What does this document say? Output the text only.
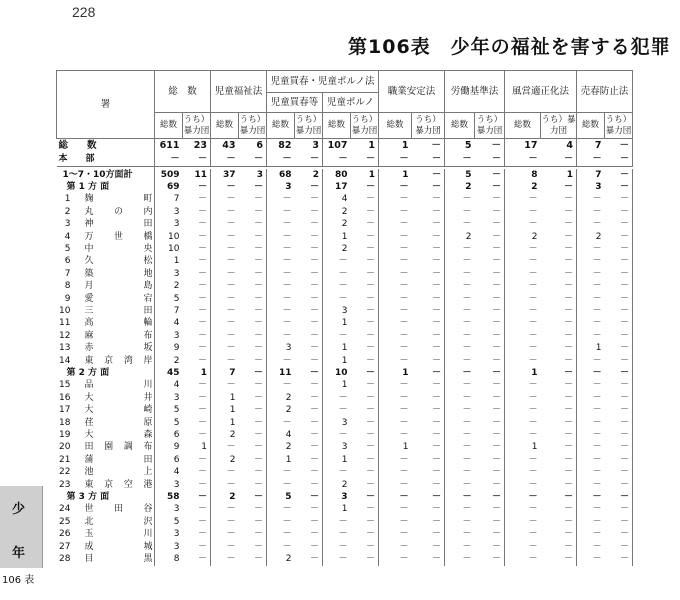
228
第106表　少年の福祉を害する犯罪
少
年
106 表
署	総　数		児童福祉法		児童買春・児童ポルノ法				職業安定法		労働基準法		風営適正化法		売春防止法	
					児童買春等		児童ポルノ									
	総数	うち）暴力団	総数	うち）暴力団	総数	うち）暴力団	総数	うち）暴力団	総数	うち）暴力団	総数	うち）暴力団	総数	うち）暴力団	総数	うち）暴力団

総　　数	611	23	43	6	82	3	107	1	1	－	5	－	17	4	7	－

本　　部	－	－	－	－	－	－	－	－	－	－	－	－	－	－	－	－

1～7・10方面計	509	11	37	3	68	2	80	1	1	－	5	－	8	1	7	－

第 1 方 面	69	－	－	－	3	－	17	－	－	－	2	－	2	－	3	－

1 麹 町	7	－	－	－	－	－	4	－	－	－	－	－	－	－	－	－

2 丸 の 内	3	－	－	－	－	－	2	－	－	－	－	－	－	－	－	－

3 神 田	3	－	－	－	－	－	2	－	－	－	－	－	－	－	－	－

4 万 世 橋	10	－	－	－	－	－	1	－	－	－	2	－	2	－	2	－

5 中 央	10	－	－	－	－	－	2	－	－	－	－	－	－	－	－	－

6 久 松	1	－	－	－	－	－	－	－	－	－	－	－	－	－	－	－

7 築 地	3	－	－	－	－	－	－	－	－	－	－	－	－	－	－	－

8 月 島	2	－	－	－	－	－	－	－	－	－	－	－	－	－	－	－

9 愛 宕	5	－	－	－	－	－	－	－	－	－	－	－	－	－	－	－

10 三 田	7	－	－	－	－	－	3	－	－	－	－	－	－	－	－	－

11 高 輪	4	－	－	－	－	－	1	－	－	－	－	－	－	－	－	－

12 麻 布	3	－	－	－	－	－	－	－	－	－	－	－	－	－	－	－

13 赤 坂	9	－	－	－	3	－	1	－	－	－	－	－	－	－	1	－

14 東 京 湾 岸	2	－	－	－	－	－	1	－	－	－	－	－	－	－	－	－

第 2 方 面	45	1	7	－	11	－	10	－	1	－	－	－	1	－	－	－

15 品 川	4	－	－	－	－	－	1	－	－	－	－	－	－	－	－	－

16 大 井	3	－	1	－	2	－	－	－	－	－	－	－	－	－	－	－

17 大 崎	5	－	1	－	2	－	－	－	－	－	－	－	－	－	－	－

18 荏 原	5	－	1	－	－	－	3	－	－	－	－	－	－	－	－	－

19 大 森	6	－	2	－	4	－	－	－	－	－	－	－	－	－	－	－

20 田 園 調 布	9	1	－	－	2	－	3	－	1	－	－	－	1	－	－	－

21 蒲 田	6	－	2	－	1	－	1	－	－	－	－	－	－	－	－	－

22 池 上	4	－	－	－	－	－	－	－	－	－	－	－	－	－	－	－

23 東 京 空 港	3	－	－	－	－	－	2	－	－	－	－	－	－	－	－	－

第 3 方 面	58	－	2	－	5	－	3	－	－	－	－	－	－	－	－	－

24 世 田 谷	3	－	－	－	－	－	1	－	－	－	－	－	－	－	－	－

25 北 沢	5	－	－	－	－	－	－	－	－	－	－	－	－	－	－	－

26 玉 川	3	－	－	－	－	－	－	－	－	－	－	－	－	－	－	－

27 成 城	3	－	－	－	－	－	－	－	－	－	－	－	－	－	－	－

28 目 黒	8	－	－	－	2	－	－	－	－	－	－	－	－	－	－	－
